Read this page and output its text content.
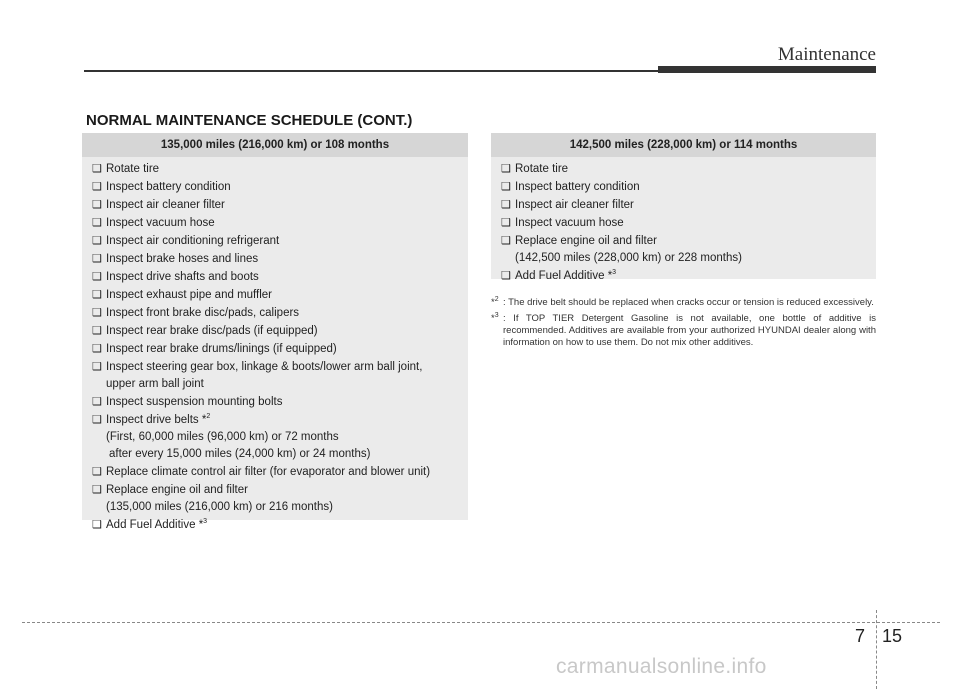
Maintenance
NORMAL MAINTENANCE SCHEDULE (CONT.)
135,000 miles (216,000 km) or 108 months
❑ Rotate tire
❑ Inspect battery condition
❑ Inspect air cleaner filter
❑ Inspect vacuum hose
❑ Inspect air conditioning refrigerant
❑ Inspect brake hoses and lines
❑ Inspect drive shafts and boots
❑ Inspect exhaust pipe and muffler
❑ Inspect front brake disc/pads, calipers
❑ Inspect rear brake disc/pads (if equipped)
❑ Inspect rear brake drums/linings (if equipped)
❑ Inspect steering gear box, linkage & boots/lower arm ball joint,
upper arm ball joint
❑ Inspect suspension mounting bolts
❑ Inspect drive belts *$^2$
(First, 60,000 miles (96,000 km) or 72 months
after every 15,000 miles (24,000 km) or 24 months)
❑ Replace climate control air filter (for evaporator and blower unit)
❑ Replace engine oil and filter
(135,000 miles (216,000 km) or 216 months)
❑ Add Fuel Additive *$^3$
142,500 miles (228,000 km) or 114 months
❑ Rotate tire
❑ Inspect battery condition
❑ Inspect air cleaner filter
❑ Inspect vacuum hose
❑ Replace engine oil and filter
(142,500 miles (228,000 km) or 228 months)
❑ Add Fuel Additive *$^3$
*$^2$ : The drive belt should be replaced when cracks occur or tension is reduced excessively.
*$^3$ : If TOP TIER Detergent Gasoline is not available, one bottle of additive is recommended. Additives are available from your authorized HYUNDAI dealer along with information on how to use them. Do not mix other additives.
7 15
carmanualsonline.info
